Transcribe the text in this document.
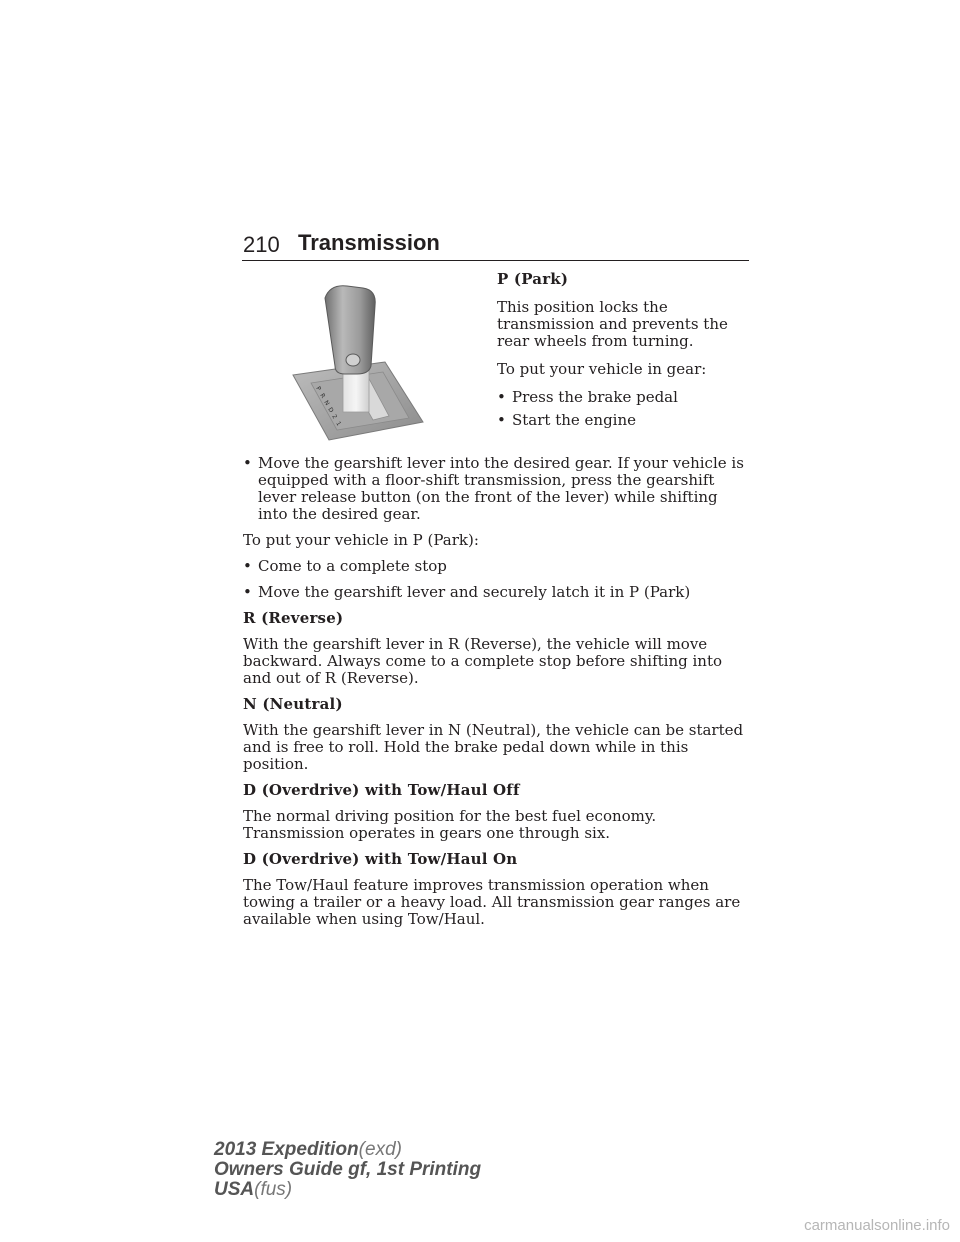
210 Transmission
P
R
N
D
2
1

P (Park)

This position locks the transmission and prevents the rear wheels from turning.

To put your vehicle in gear:

• Press the brake pedal
• Start the engine
• Move the gearshift lever into the desired gear. If your vehicle is equipped with a floor-shift transmission, press the gearshift lever release button (on the front of the lever) while shifting into the desired gear.

To put your vehicle in P (Park):

• Come to a complete stop
• Move the gearshift lever and securely latch it in P (Park)

R (Reverse)

With the gearshift lever in R (Reverse), the vehicle will move backward. Always come to a complete stop before shifting into and out of R (Reverse).

N (Neutral)

With the gearshift lever in N (Neutral), the vehicle can be started and is free to roll. Hold the brake pedal down while in this position.

D (Overdrive) with Tow/Haul Off

The normal driving position for the best fuel economy. Transmission operates in gears one through six.

D (Overdrive) with Tow/Haul On

The Tow/Haul feature improves transmission operation when towing a trailer or a heavy load. All transmission gear ranges are available when using Tow/Haul.

2013 Expedition(exd)
Owners Guide gf, 1st Printing
USA(fus)
carmanualsonline.info
